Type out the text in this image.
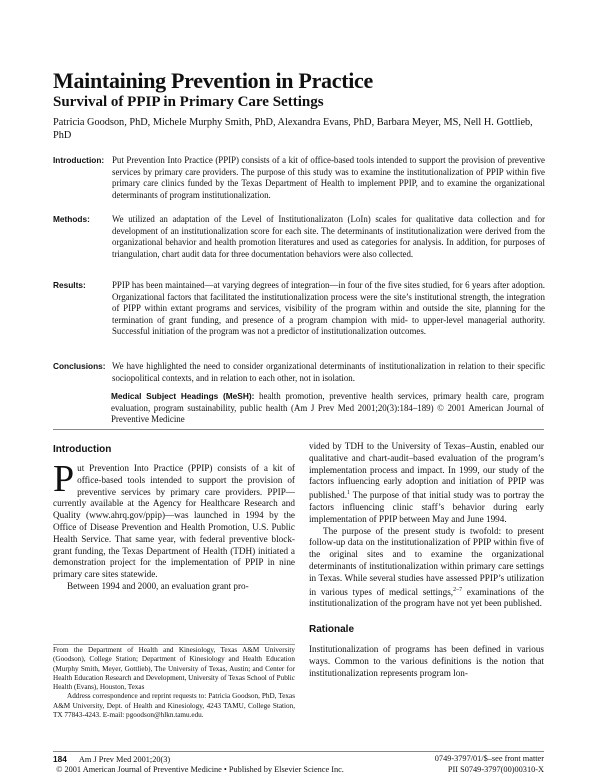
Maintaining Prevention in Practice
Survival of PPIP in Primary Care Settings
Patricia Goodson, PhD, Michele Murphy Smith, PhD, Alexandra Evans, PhD, Barbara Meyer, MS, Nell H. Gottlieb, PhD
Introduction: Put Prevention Into Practice (PPIP) consists of a kit of office-based tools intended to support the provision of preventive services by primary care providers. The purpose of this study was to examine the institutionalization of PPIP within five primary care clinics funded by the Texas Department of Health to implement PPIP, and to examine the organizational determinants of program institutionalization.
Methods:	We utilized an adaptation of the Level of Institutionalizaton (LoIn) scales for qualitative data collection and for development of an institutionalization score for each site. The determinants of institutionalization were derived from the organizational behavior and health promotion literatures and used as categories for analysis. In addition, for purposes of triangulation, chart audit data for three documentation behaviors were also collected.
Results:	PPIP has been maintained—at varying degrees of integration—in four of the five sites studied, for 6 years after adoption. Organizational factors that facilitated the institutionalization process were the site’s institutional strength, the integration of PIPP within extant programs and services, visibility of the program within and outside the site, planning for the termination of grant funding, and presence of a program champion with mid- to upper-level managerial authority. Successful initiation of the program was not a predictor of institutionalization outcomes.
Conclusions: We have highlighted the need to consider organizational determinants of institutionalization in relation to their specific sociopolitical contexts, and in relation to each other, not in isolation.
Medical Subject Headings (MeSH): health promotion, preventive health services, primary health care, program evaluation, program sustainability, public health (Am J Prev Med 2001;20(3):184–189) © 2001 American Journal of Preventive Medicine
Introduction

Put Prevention Into Practice (PPIP) consists of a kit of office-based tools intended to support the provision of preventive services by primary care providers. PPIP—currently available at the Agency for Healthcare Research and Quality (www.ahrq.gov/ppip)—was launched in 1994 by the Office of Disease Prevention and Health Promotion, U.S. Public Health Service. That same year, with federal preventive block-grant funding, the Texas Department of Health (TDH) initiated a demonstration project for the implementation of PPIP in nine primary care sites statewide.

Between 1994 and 2000, an evaluation grant pro-

From the Department of Health and Kinesiology, Texas A&M University (Goodson), College Station; Department of Kinesiology and Health Education (Murphy Smith, Meyer, Gottlieb), The University of Texas, Austin; and Center for Health Education Research and Development, University of Texas School of Public Health (Evans), Houston, Texas

Address correspondence and reprint requests to: Patricia Goodson, PhD, Texas A&M University, Dept. of Health and Kinesiology, 4243 TAMU, College Station, TX 77843-4243. E-mail: pgoodson@hlkn.tamu.edu.

vided by TDH to the University of Texas–Austin, enabled our qualitative and chart-audit–based evaluation of the program’s implementation process and impact. In 1999, our study of the factors influencing early adoption and initiation of PPIP was published.$^1$ The purpose of that initial study was to portray the factors influencing clinic staff’s behavior during early implementation of PPIP between May and June 1994.

The purpose of the present study is twofold: to present follow-up data on the institutionalization of PPIP within five of the original sites and to examine the organizational determinants of institutionalization within primary care settings in Texas. While several studies have assessed PPIP’s utilization in various types of medical settings,$^{2-7}$ examinations of the institutionalization of the program have not yet been published.

Rationale

Institutionalization of programs has been defined in various ways. Common to the various definitions is the notion that institutionalization represents program lon-

184 Am J Prev Med 2001;20(3)
© 2001 American Journal of Preventive Medicine • Published by Elsevier Science Inc.
0749-3797/01/$–see front matter
PII S0749-3797(00)00310-X
